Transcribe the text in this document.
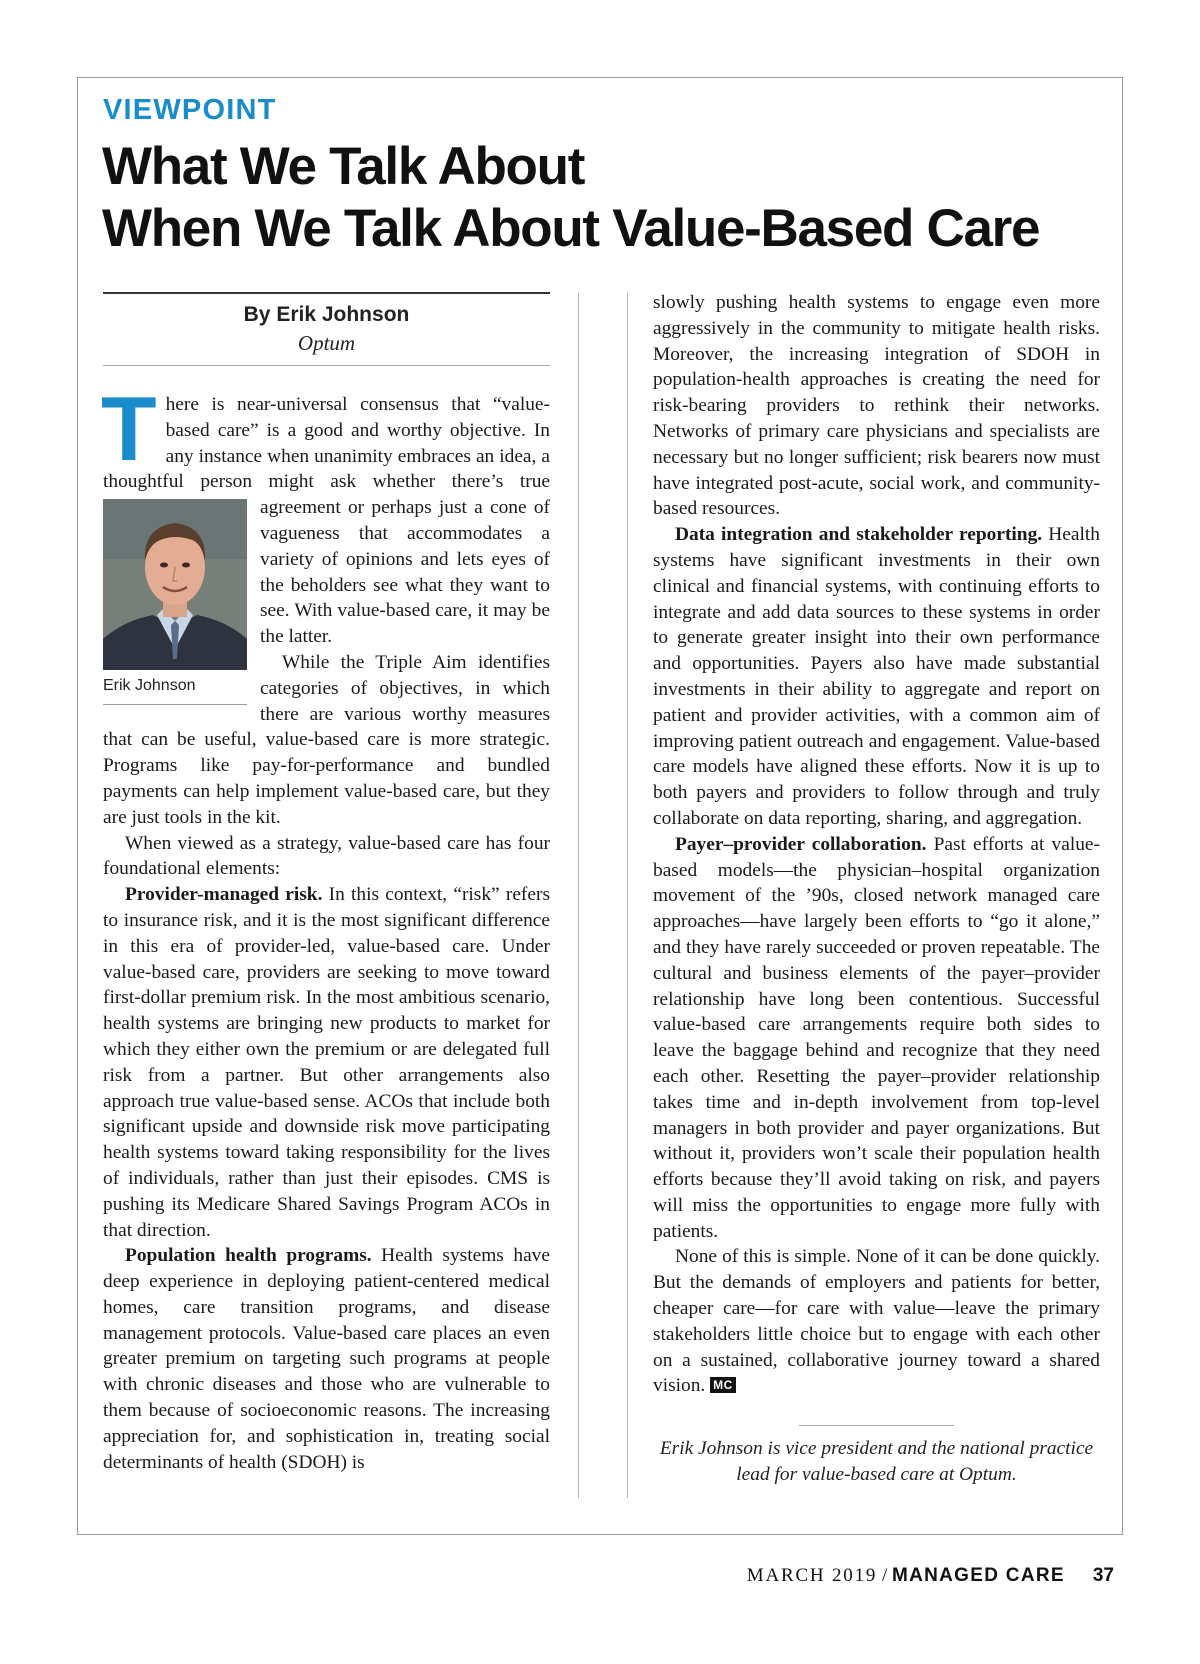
VIEWPOINT
What We Talk About
When We Talk About Value-Based Care
By Erik Johnson
Optum

There is near-universal consensus that “value-based care” is a good and worthy objective. In any instance when unanimity embraces an idea, a thoughtful person might ask whether there’s true
Erik Johnson
agreement or perhaps just a cone of vagueness that accommodates a variety of opinions and lets eyes of the beholders see what they want to see. With value-based care, it may be the latter.

While the Triple Aim identifies categories of objectives, in which there are various worthy measures that can be useful, value-based care is more strategic. Programs like pay-for-performance and bundled payments can help implement value-based care, but they are just tools in the kit.

When viewed as a strategy, value-based care has four foundational elements:

Provider-managed risk. In this context, “risk” refers to insurance risk, and it is the most significant difference in this era of provider-led, value-based care. Under value-based care, providers are seeking to move toward first-dollar premium risk. In the most ambitious scenario, health systems are bringing new products to market for which they either own the premium or are delegated full risk from a partner. But other arrangements also approach true value-based sense. ACOs that include both significant upside and downside risk move participating health systems toward taking responsibility for the lives of individuals, rather than just their episodes. CMS is pushing its Medicare Shared Savings Program ACOs in that direction.

Population health programs. Health systems have deep experience in deploying patient-centered medical homes, care transition programs, and disease management protocols. Value-based care places an even greater premium on targeting such programs at people with chronic diseases and those who are vulnerable to them because of socioeconomic reasons. The increasing appreciation for, and sophistication in, treating social determinants of health (SDOH) is

slowly pushing health systems to engage even more aggressively in the community to mitigate health risks. Moreover, the increasing integration of SDOH in population-health approaches is creating the need for risk-bearing providers to rethink their networks. Networks of primary care physicians and specialists are necessary but no longer sufficient; risk bearers now must have integrated post-acute, social work, and community-based resources.

Data integration and stakeholder reporting. Health systems have significant investments in their own clinical and financial systems, with continuing efforts to integrate and add data sources to these systems in order to generate greater insight into their own performance and opportunities. Payers also have made substantial investments in their ability to aggregate and report on patient and provider activities, with a common aim of improving patient outreach and engagement. Value-based care models have aligned these efforts. Now it is up to both payers and providers to follow through and truly collaborate on data reporting, sharing, and aggregation.

Payer–provider collaboration. Past efforts at value-based models—the physician–hospital organization movement of the ’90s, closed network managed care approaches—have largely been efforts to “go it alone,” and they have rarely succeeded or proven repeatable. The cultural and business elements of the payer–provider relationship have long been contentious. Successful value-based care arrangements require both sides to leave the baggage behind and recognize that they need each other. Resetting the payer–provider relationship takes time and in-depth involvement from top-level managers in both provider and payer organizations. But without it, providers won’t scale their population health efforts because they’ll avoid taking on risk, and payers will miss the opportunities to engage more fully with patients.

None of this is simple. None of it can be done quickly. But the demands of employers and patients for better, cheaper care—for care with value—leave the primary stakeholders little choice but to engage with each other on a sustained, collaborative journey toward a shared vision. MC

Erik Johnson is vice president and the national practice lead for value-based care at Optum.

MARCH 2019 / MANAGED CARE 37
